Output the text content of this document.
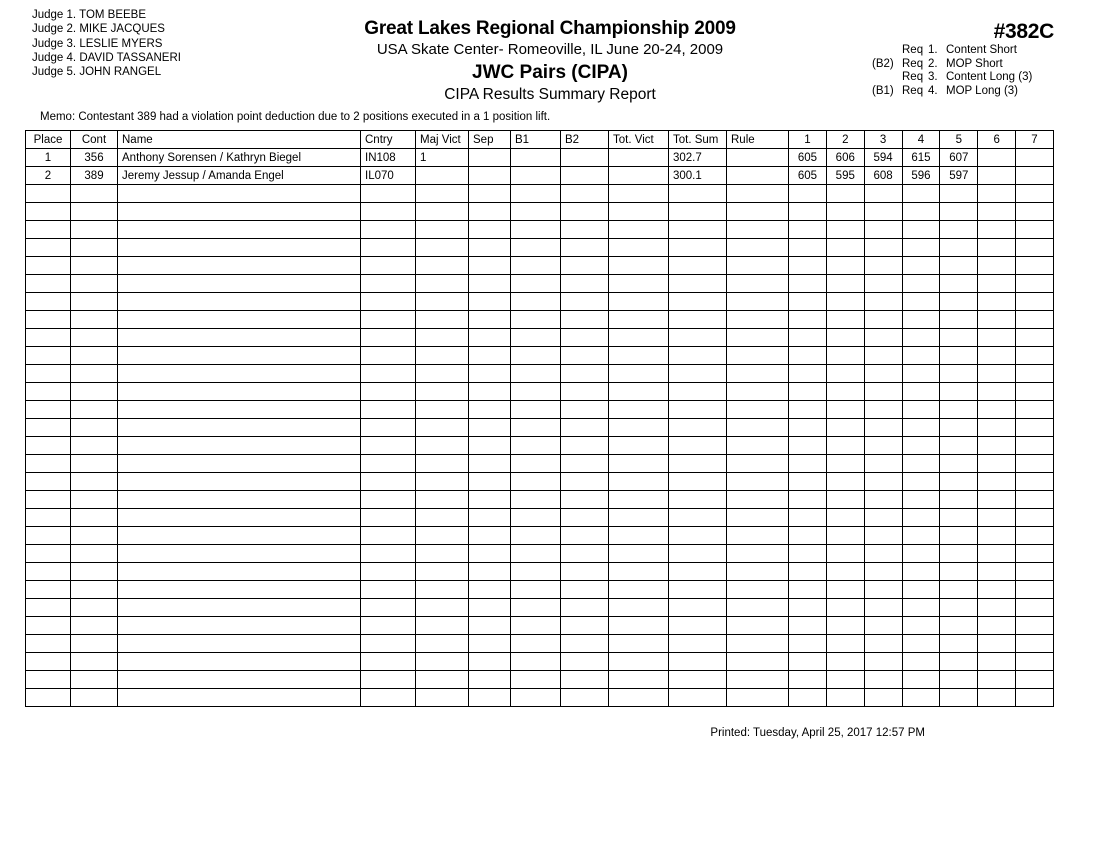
Judge 1. TOM BEEBE
Judge 2. MIKE JACQUES
Judge 3. LESLIE MYERS
Judge 4. DAVID TASSANERI
Judge 5. JOHN RANGEL
Great Lakes Regional Championship 2009
USA Skate Center- Romeoville, IL June 20-24, 2009
JWC Pairs (CIPA)
CIPA Results Summary Report
#382C
Req 1. Content Short
(B2) Req 2. MOP Short
Req 3. Content Long (3)
(B1) Req 4. MOP Long (3)
Memo: Contestant 389 had a violation point deduction due to 2 positions executed in a 1 position lift.
Place	Cont	Name	Cntry	Maj Vict	Sep	B1	B2	Tot. Vict	Tot. Sum	Rule	1	2	3	4	5	6	7
1	356	Anthony Sorensen / Kathryn Biegel	IN108	1					302.7		605	606	594	615	607		
2	389	Jeremy Jessup / Amanda Engel	IL070						300.1		605	595	608	596	597		

Printed: Tuesday, April 25, 2017 12:57 PM
